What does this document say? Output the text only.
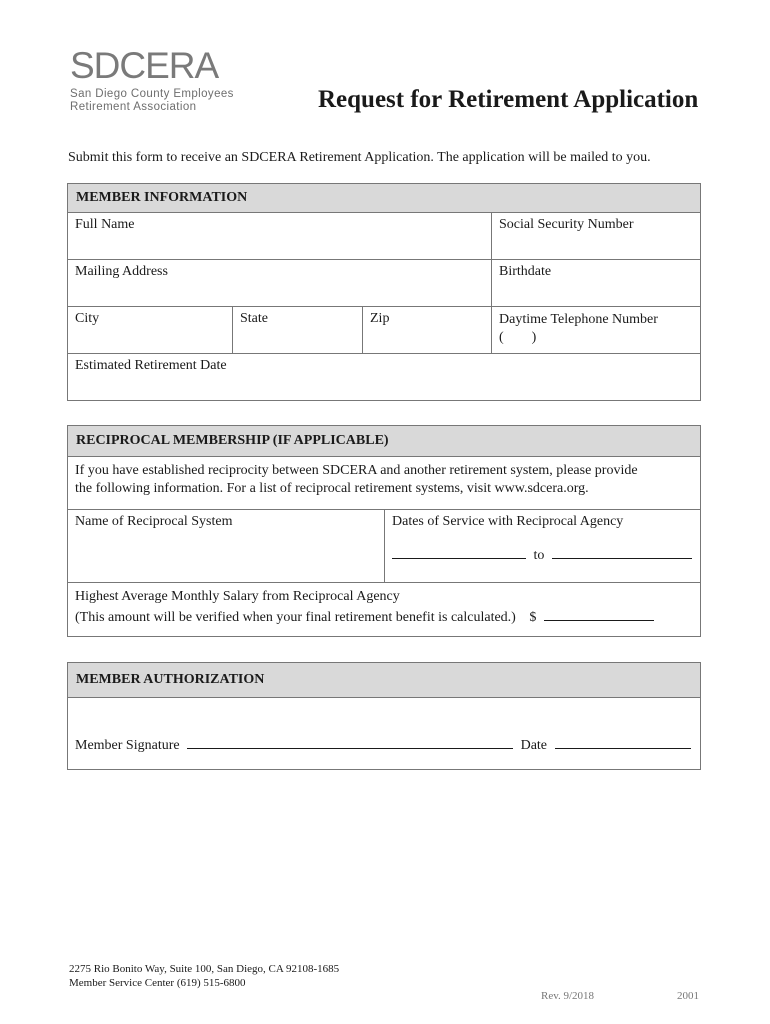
SDCERA
San Diego County Employees
Retirement Association	Request for Retirement Application
Submit this form to receive an SDCERA Retirement Application. The application will be mailed to you.
MEMBER INFORMATION
Full Name	Social Security Number
Mailing Address	Birthdate
City	State	Zip	Daytime Telephone Number
(        )
Estimated Retirement Date
RECIPROCAL MEMBERSHIP (IF APPLICABLE)
If you have established reciprocity between SDCERA and another retirement system, please provide
the following information. For a list of reciprocal retirement systems, visit www.sdcera.org.
Name of Reciprocal System	Dates of Service with Reciprocal Agency
to
Highest Average Monthly Salary from Reciprocal Agency
(This amount will be verified when your final retirement benefit is calculated.) $
MEMBER AUTHORIZATION
Member Signature	Date
2275 Rio Bonito Way, Suite 100, San Diego, CA 92108-1685
Member Service Center (619) 515-6800
Rev. 9/2018	2001
